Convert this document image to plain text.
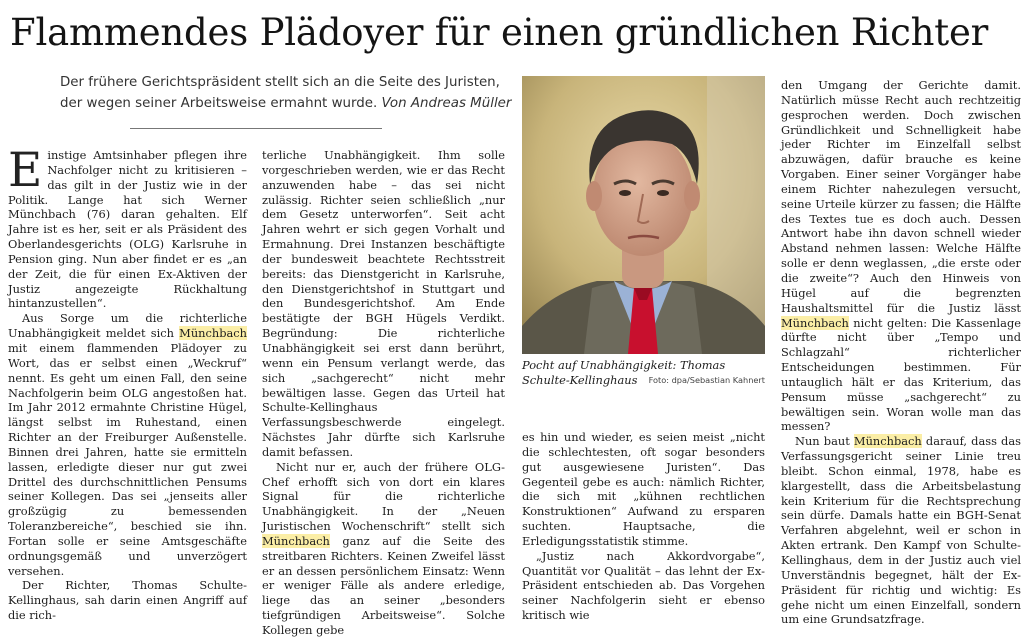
Flammendes Plädoyer für einen gründlichen Richter
Der frühere Gerichtspräsident stellt sich an die Seite des Juristen,
der wegen seiner Arbeitsweise ermahnt wurde. Von Andreas Müller

Einstige Amtsinhaber pflegen ihre Nachfolger nicht zu kritisieren – das gilt in der Justiz wie in der Politik. Lange hat sich Werner Münchbach (76) daran gehalten. Elf Jahre ist es her, seit er als Präsident des Oberlandesgerichts (OLG) Karlsruhe in Pension ging. Nun aber findet er es „an der Zeit, die für einen Ex-Aktiven der Justiz angezeigte Rückhaltung hintanzustellen“.

Aus Sorge um die richterliche Unabhängigkeit meldet sich Münchbach mit einem flammenden Plädoyer zu Wort, das er selbst einen „Weckruf“ nennt. Es geht um einen Fall, den seine Nachfolgerin beim OLG angestoßen hat. Im Jahr 2012 ermahnte Christine Hügel, längst selbst im Ruhestand, einen Richter an der Freiburger Außenstelle. Binnen drei Jahren, hatte sie ermitteln lassen, erledigte dieser nur gut zwei Drittel des durchschnittlichen Pensums seiner Kollegen. Das sei „jenseits aller großzügig zu bemessenden Toleranzbereiche“, beschied sie ihn. Fortan solle er seine Amtsgeschäfte ordnungsgemäß und unverzögert versehen.

Der Richter, Thomas Schulte-Kellinghaus, sah darin einen Angriff auf die rich-

terliche Unabhängigkeit. Ihm solle vorgeschrieben werden, wie er das Recht anzuwenden habe – das sei nicht zulässig. Richter seien schließlich „nur dem Gesetz unterworfen“. Seit acht Jahren wehrt er sich gegen Vorhalt und Ermahnung. Drei Instanzen beschäftigte der bundesweit beachtete Rechtsstreit bereits: das Dienstgericht in Karlsruhe, den Dienstgerichtshof in Stuttgart und den Bundesgerichtshof. Am Ende bestätigte der BGH Hügels Verdikt. Begründung: Die richterliche Unabhängigkeit sei erst dann berührt, wenn ein Pensum verlangt werde, das sich „sachgerecht“ nicht mehr bewältigen lasse. Gegen das Urteil hat Schulte-Kellinghaus Verfassungsbeschwerde eingelegt. Nächstes Jahr dürfte sich Karlsruhe damit befassen.

Nicht nur er, auch der frühere OLG-Chef erhofft sich von dort ein klares Signal für die richterliche Unabhängigkeit. In der „Neuen Juristischen Wochenschrift“ stellt sich Münchbach ganz auf die Seite des streitbaren Richters. Keinen Zweifel lässt er an dessen persönlichem Einsatz: Wenn er weniger Fälle als andere erledige, liege das an seiner „besonders tiefgründigen Arbeitsweise“. Solche Kollegen gebe

Pocht auf Unabhängigkeit: Thomas Schulte-Kellinghaus Foto: dpa/Sebastian Kahnert

es hin und wieder, es seien meist „nicht die schlechtesten, oft sogar besonders gut ausgewiesene Juristen“. Das Gegenteil gebe es auch: nämlich Richter, die sich mit „kühnen rechtlichen Konstruktionen“ Aufwand zu ersparen suchten. Hauptsache, die Erledigungsstatistik stimme.

„Justiz nach Akkordvorgabe“, Quantität vor Qualität – das lehnt der Ex-Präsident entschieden ab. Das Vorgehen seiner Nachfolgerin sieht er ebenso kritisch wie

den Umgang der Gerichte damit. Natürlich müsse Recht auch rechtzeitig gesprochen werden. Doch zwischen Gründlichkeit und Schnelligkeit habe jeder Richter im Einzelfall selbst abzuwägen, dafür brauche es keine Vorgaben. Einer seiner Vorgänger habe einem Richter nahezulegen versucht, seine Urteile kürzer zu fassen; die Hälfte des Textes tue es doch auch. Dessen Antwort habe ihn davon schnell wieder Abstand nehmen lassen: Welche Hälfte solle er denn weglassen, „die erste oder die zweite“? Auch den Hinweis von Hügel auf die begrenzten Haushaltsmittel für die Justiz lässt Münchbach nicht gelten: Die Kassenlage dürfte nicht über „Tempo und Schlagzahl“ richterlicher Entscheidungen bestimmen. Für untauglich hält er das Kriterium, das Pensum müsse „sachgerecht“ zu bewältigen sein. Woran wolle man das messen?

Nun baut Münchbach darauf, dass das Verfassungsgericht seiner Linie treu bleibt. Schon einmal, 1978, habe es klargestellt, dass die Arbeitsbelastung kein Kriterium für die Rechtsprechung sein dürfe. Damals hatte ein BGH-Senat Verfahren abgelehnt, weil er schon in Akten ertrank. Den Kampf von Schulte-Kellinghaus, dem in der Justiz auch viel Unverständnis begegnet, hält der Ex-Präsident für richtig und wichtig: Es gehe nicht um einen Einzelfall, sondern um eine Grundsatzfrage.
